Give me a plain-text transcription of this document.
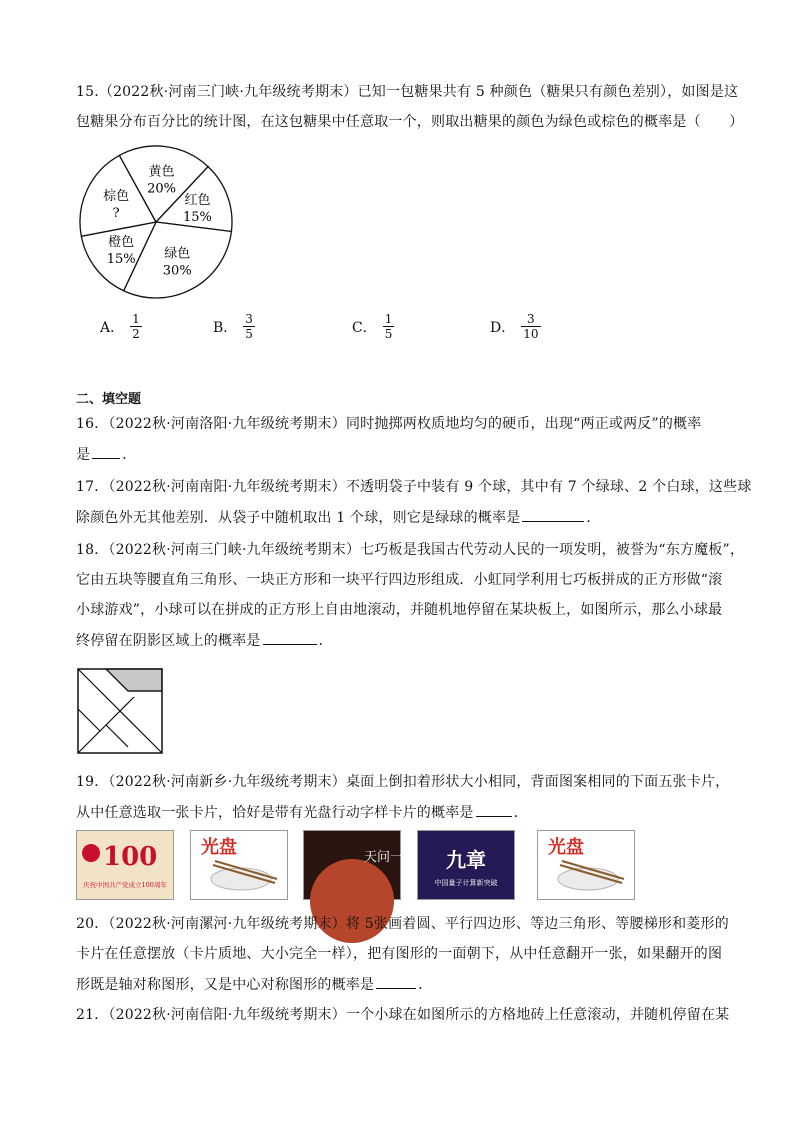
15.（2022秋·河南三门峡·九年级统考期末）已知一包糖果共有 5 种颜色（糖果只有颜色差别），如图是这
包糖果分布百分比的统计图，在这包糖果中任意取一个，则取出糖果的颜色为绿色或棕色的概率是（　　）
红色
15%
绿色
30%
橙色
15%
棕色
?
黄色
20%
A． $\frac{1}{2}$	B． $\frac{3}{5}$	C． $\frac{1}{5}$	D． $\frac{3}{10}$
二、填空题
16．（2022秋·河南洛阳·九年级统考期末）同时抛掷两枚质地均匀的硬币，出现“两正或两反”的概率
是 ．
17．（2022秋·河南南阳·九年级统考期末）不透明袋子中装有 9 个球，其中有 7 个绿球、2 个白球，这些球
除颜色外无其他差别．从袋子中随机取出 1 个球，则它是绿球的概率是	．
18．（2022秋·河南三门峡·九年级统考期末）七巧板是我国古代劳动人民的一项发明，被誉为“东方魔板”，
它由五块等腰直角三角形、一块正方形和一块平行四边形组成．小虹同学利用七巧板拼成的正方形做“滚
小球游戏”，小球可以在拼成的正方形上自由地滚动，并随机地停留在某块板上，如图所示，那么小球最
终停留在阴影区域上的概率是	．
19．（2022秋·河南新乡·九年级统考期末）桌面上倒扣着形状大小相同，背面图案相同的下面五张卡片，
从中任意选取一张卡片，恰好是带有光盘行动字样卡片的概率是	．
100
庆祝中国共产党成立100周年
光盘	天问一号 九章
中国量子计算新突破
光盘
20．（2022秋·河南漯河·九年级统考期末）将 5张画着圆、平行四边形、等边三角形、等腰梯形和菱形的
卡片在任意摆放（卡片质地、大小完全一样），把有图形的一面朝下，从中任意翻开一张，如果翻开的图
形既是轴对称图形，又是中心对称图形的概率是	．
21．（2022秋·河南信阳·九年级统考期末）一个小球在如图所示的方格地砖上任意滚动，并随机停留在某
